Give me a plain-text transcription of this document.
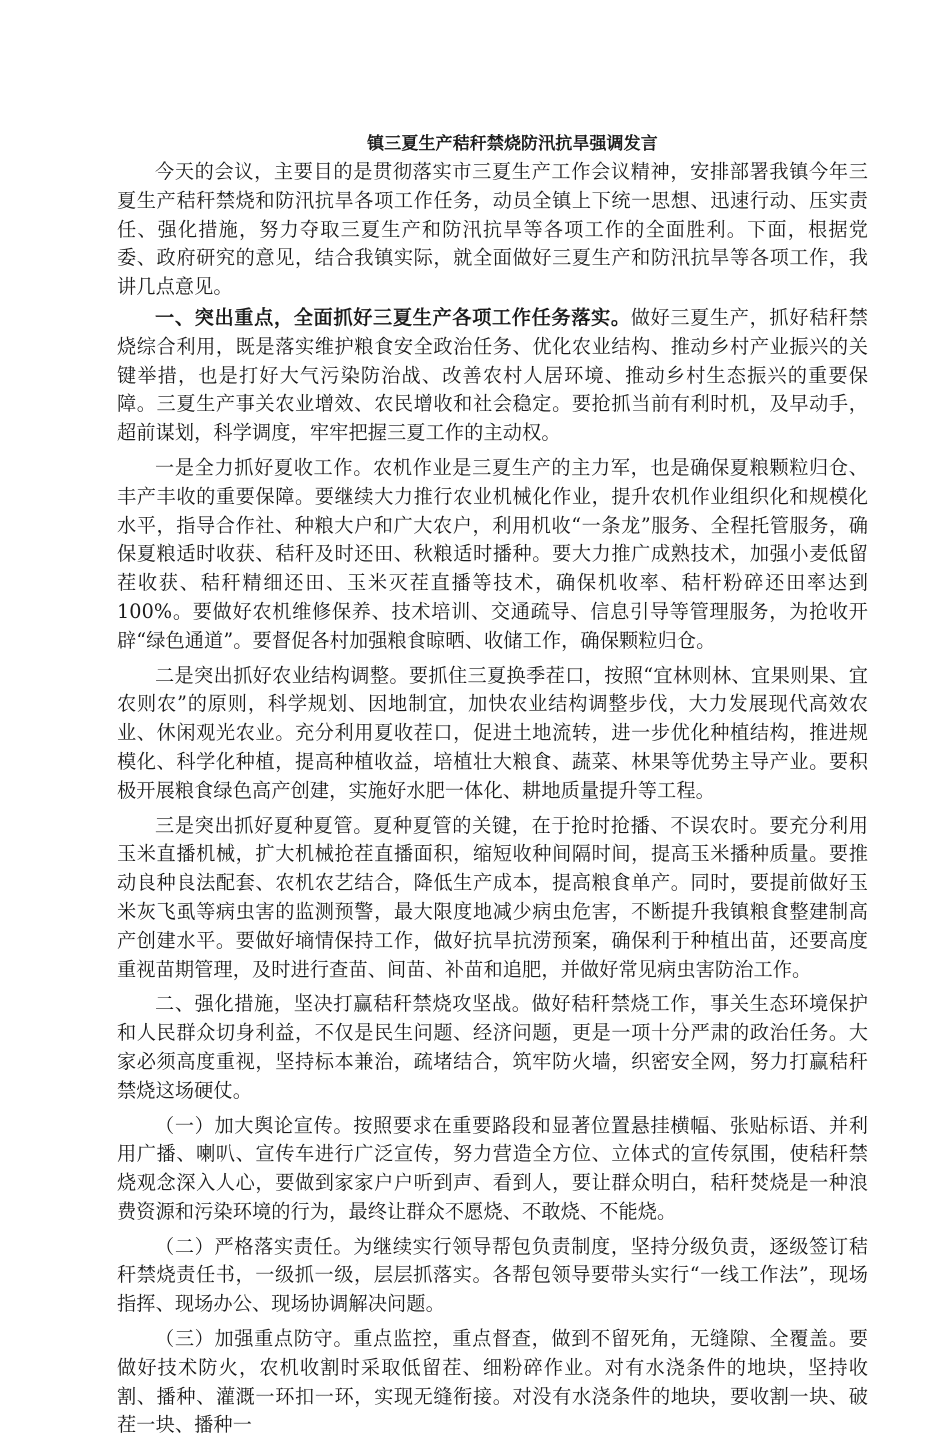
镇三夏生产秸秆禁烧防汛抗旱强调发言

今天的会议，主要目的是贯彻落实市三夏生产工作会议精神，安排部署我镇今年三夏生产秸秆禁烧和防汛抗旱各项工作任务，动员全镇上下统一思想、迅速行动、压实责任、强化措施，努力夺取三夏生产和防汛抗旱等各项工作的全面胜利。下面，根据党委、政府研究的意见，结合我镇实际，就全面做好三夏生产和防汛抗旱等各项工作，我讲几点意见。

一、突出重点，全面抓好三夏生产各项工作任务落实。做好三夏生产，抓好秸秆禁烧综合利用，既是落实维护粮食安全政治任务、优化农业结构、推动乡村产业振兴的关键举措，也是打好大气污染防治战、改善农村人居环境、推动乡村生态振兴的重要保障。三夏生产事关农业增效、农民增收和社会稳定。要抢抓当前有利时机，及早动手，超前谋划，科学调度，牢牢把握三夏工作的主动权。

一是全力抓好夏收工作。农机作业是三夏生产的主力军，也是确保夏粮颗粒归仓、丰产丰收的重要保障。要继续大力推行农业机械化作业，提升农机作业组织化和规模化水平，指导合作社、种粮大户和广大农户，利用机收“一条龙”服务、全程托管服务，确保夏粮适时收获、秸秆及时还田、秋粮适时播种。要大力推广成熟技术，加强小麦低留茬收获、秸秆精细还田、玉米灭茬直播等技术，确保机收率、秸杆粉碎还田率达到100%。要做好农机维修保养、技术培训、交通疏导、信息引导等管理服务，为抢收开辟“绿色通道”。要督促各村加强粮食晾晒、收储工作，确保颗粒归仓。

二是突出抓好农业结构调整。要抓住三夏换季茬口，按照“宜林则林、宜果则果、宜农则农”的原则，科学规划、因地制宜，加快农业结构调整步伐，大力发展现代高效农业、休闲观光农业。充分利用夏收茬口，促进土地流转，进一步优化种植结构，推进规模化、科学化种植，提高种植收益，培植壮大粮食、蔬菜、林果等优势主导产业。要积极开展粮食绿色高产创建，实施好水肥一体化、耕地质量提升等工程。

三是突出抓好夏种夏管。夏种夏管的关键，在于抢时抢播、不误农时。要充分利用玉米直播机械，扩大机械抢茬直播面积，缩短收种间隔时间，提高玉米播种质量。要推动良种良法配套、农机农艺结合，降低生产成本，提高粮食单产。同时，要提前做好玉米灰飞虱等病虫害的监测预警，最大限度地减少病虫危害，不断提升我镇粮食整建制高产创建水平。要做好墒情保持工作，做好抗旱抗涝预案，确保利于种植出苗，还要高度重视苗期管理，及时进行查苗、间苗、补苗和追肥，并做好常见病虫害防治工作。

二、强化措施，坚决打赢秸秆禁烧攻坚战。做好秸秆禁烧工作，事关生态环境保护和人民群众切身利益，不仅是民生问题、经济问题，更是一项十分严肃的政治任务。大家必须高度重视，坚持标本兼治，疏堵结合，筑牢防火墙，织密安全网，努力打赢秸秆禁烧这场硬仗。

（一）加大舆论宣传。按照要求在重要路段和显著位置悬挂横幅、张贴标语、并利用广播、喇叭、宣传车进行广泛宣传，努力营造全方位、立体式的宣传氛围，使秸秆禁烧观念深入人心，要做到家家户户听到声、看到人，要让群众明白，秸秆焚烧是一种浪费资源和污染环境的行为，最终让群众不愿烧、不敢烧、不能烧。

（二）严格落实责任。为继续实行领导帮包负责制度，坚持分级负责，逐级签订秸秆禁烧责任书，一级抓一级，层层抓落实。各帮包领导要带头实行“一线工作法”，现场指挥、现场办公、现场协调解决问题。

（三）加强重点防守。重点监控，重点督查，做到不留死角，无缝隙、全覆盖。要做好技术防火，农机收割时采取低留茬、细粉碎作业。对有水浇条件的地块，坚持收割、播种、灌溉一环扣一环，实现无缝衔接。对没有水浇条件的地块，要收割一块、破茬一块、播种一
